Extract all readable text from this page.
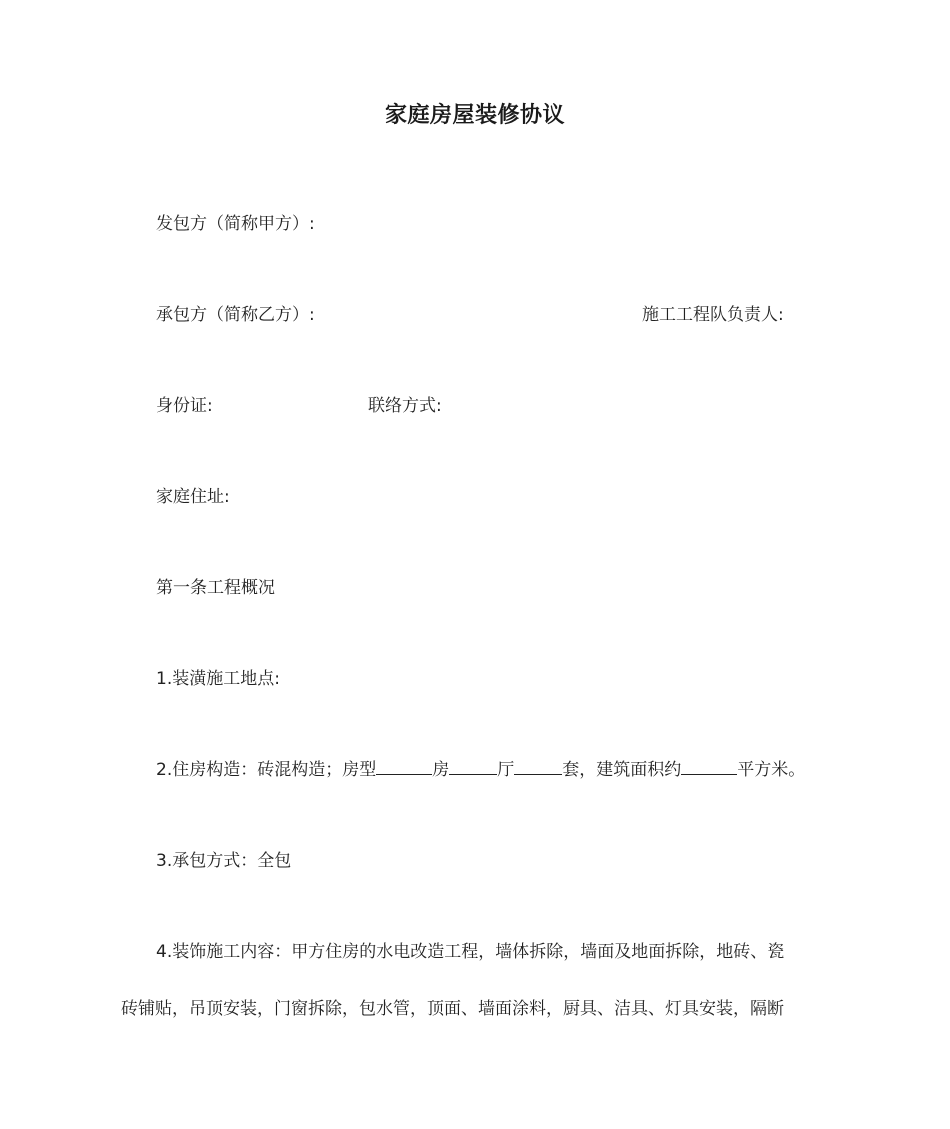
家庭房屋装修协议
发包方（简称甲方）:
承包方（简称乙方）:	施工工程队负责人:
身份证:	联络方式:
家庭住址:
第一条工程概况
1.装潢施工地点:
2.住房构造：砖混构造；房型	房	厅	套，建筑面积约	平方米。
3.承包方式：全包
4.装饰施工内容：甲方住房的水电改造工程，墙体拆除，墙面及地面拆除，地砖、瓷
砖铺贴，吊顶安装，门窗拆除，包水管，顶面、墙面涂料，厨具、洁具、灯具安装，隔断
